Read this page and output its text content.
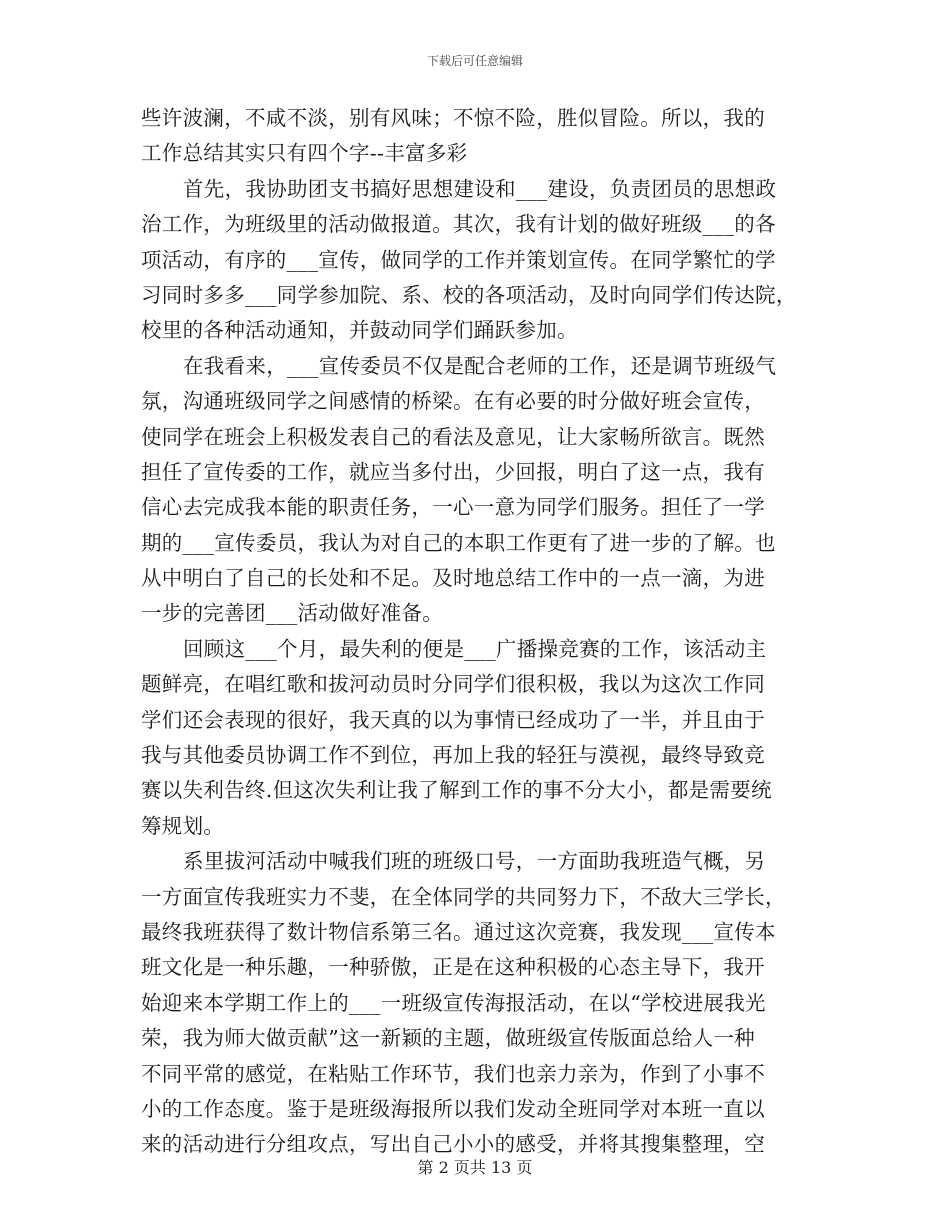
下载后可任意编辑
些许波澜，不咸不淡，别有风味；不惊不险，胜似冒险。所以，我的
工作总结其实只有四个字--丰富多彩
首先，我协助团支书搞好思想建设和___建设，负责团员的思想政
治工作，为班级里的活动做报道。其次，我有计划的做好班级___的各
项活动，有序的___宣传，做同学的工作并策划宣传。在同学繁忙的学
习同时多多___同学参加院、系、校的各项活动，及时向同学们传达院，
校里的各种活动通知，并鼓动同学们踊跃参加。
在我看来，___宣传委员不仅是配合老师的工作，还是调节班级气
氛，沟通班级同学之间感情的桥梁。在有必要的时分做好班会宣传，
使同学在班会上积极发表自己的看法及意见，让大家畅所欲言。既然
担任了宣传委的工作，就应当多付出，少回报，明白了这一点，我有
信心去完成我本能的职责任务，一心一意为同学们服务。担任了一学
期的___宣传委员，我认为对自己的本职工作更有了进一步的了解。也
从中明白了自己的长处和不足。及时地总结工作中的一点一滴，为进
一步的完善团___活动做好准备。
回顾这___个月，最失利的便是___广播操竞赛的工作，该活动主
题鲜亮，在唱红歌和拔河动员时分同学们很积极，我以为这次工作同
学们还会表现的很好，我天真的以为事情已经成功了一半，并且由于
我与其他委员协调工作不到位，再加上我的轻狂与漠视，最终导致竞
赛以失利告终.但这次失利让我了解到工作的事不分大小，都是需要统
筹规划。
系里拔河活动中喊我们班的班级口号，一方面助我班造气概，另
一方面宣传我班实力不斐，在全体同学的共同努力下，不敌大三学长，
最终我班获得了数计物信系第三名。通过这次竞赛，我发现___宣传本
班文化是一种乐趣，一种骄傲，正是在这种积极的心态主导下，我开
始迎来本学期工作上的___一班级宣传海报活动，在以“学校进展我光
荣，我为师大做贡献”这一新颖的主题，做班级宣传版面总给人一种
不同平常的感觉，在粘贴工作环节，我们也亲力亲为，作到了小事不
小的工作态度。鉴于是班级海报所以我们发动全班同学对本班一直以
来的活动进行分组攻点，写出自己小小的感受，并将其搜集整理，空
第 2 页共 13 页
